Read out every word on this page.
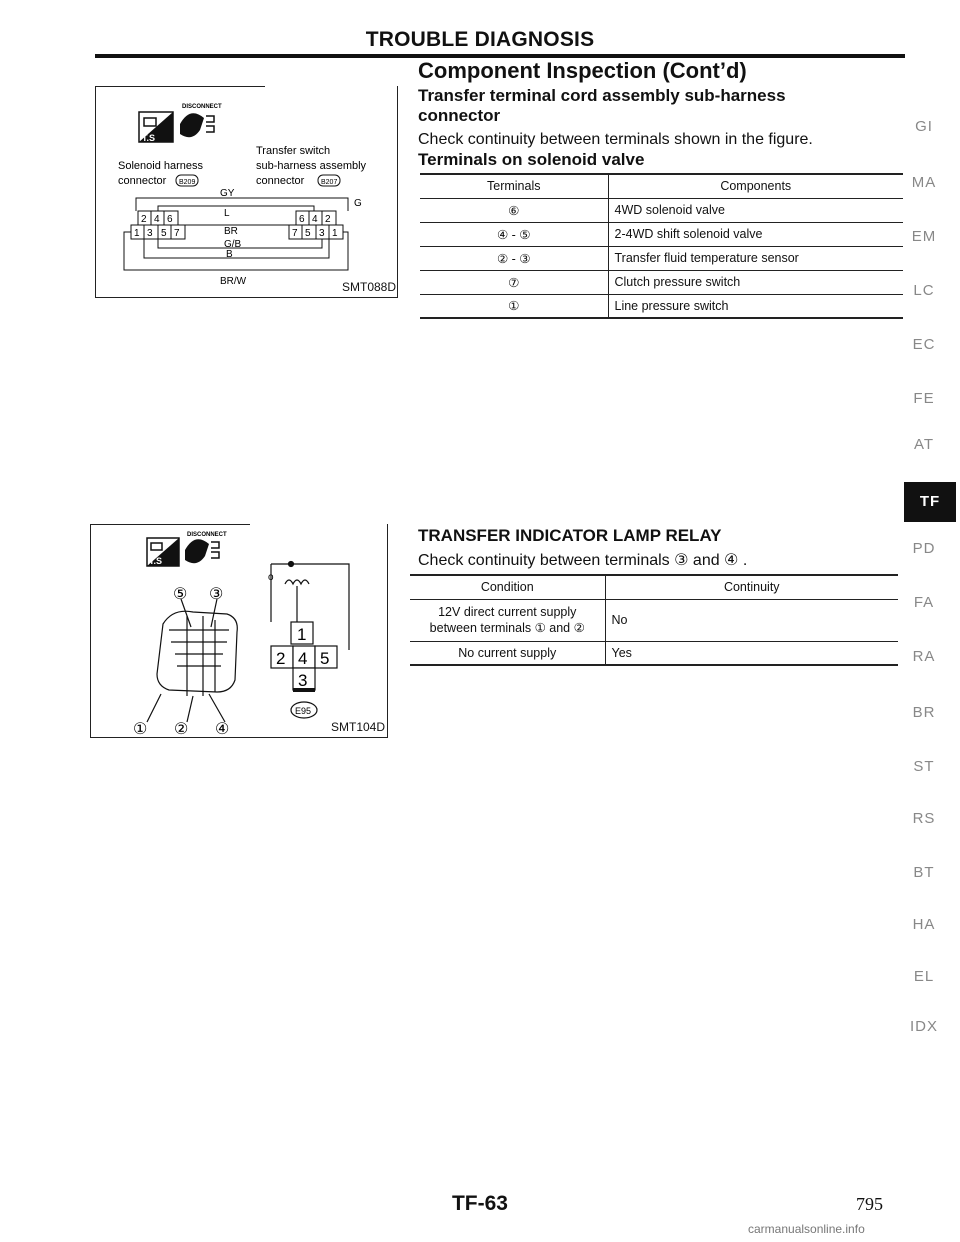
TROUBLE DIAGNOSIS
Component Inspection (Cont’d)
Transfer terminal cord assembly sub-harness
connector
Check continuity between terminals shown in the figure.
Terminals on solenoid valve
Terminals	Components
⑥	4WD solenoid valve
④ - ⑤	2-4WD shift solenoid valve
② - ③	Transfer fluid temperature sensor
⑦	Clutch pressure switch
①	Line pressure switch
DISCONNECT
T.S
Transfer switch
sub-harness assembly
connector B207
Solenoid harness
connector B209
2 4 6
1 3 5 7
6 4 2
7 5 3 1
GY
G
L
BR
G/B
B
BR/W	SMT088D
TRANSFER INDICATOR LAMP RELAY
Check continuity between terminals ③ and ④ .
Condition	Continuity

12V direct current supply
between terminals ① and ②	No
No current supply	Yes
DISCONNECT
T.S
⑤ ③
① ② ④
o
1
2 4 5
3
E95
SMT104D
GI
MA
EM
LC
EC
FE
AT
TF
PD
FA
RA
BR
ST
RS
BT
HA
EL
IDX
TF-63	795
carmanualsonline.info
